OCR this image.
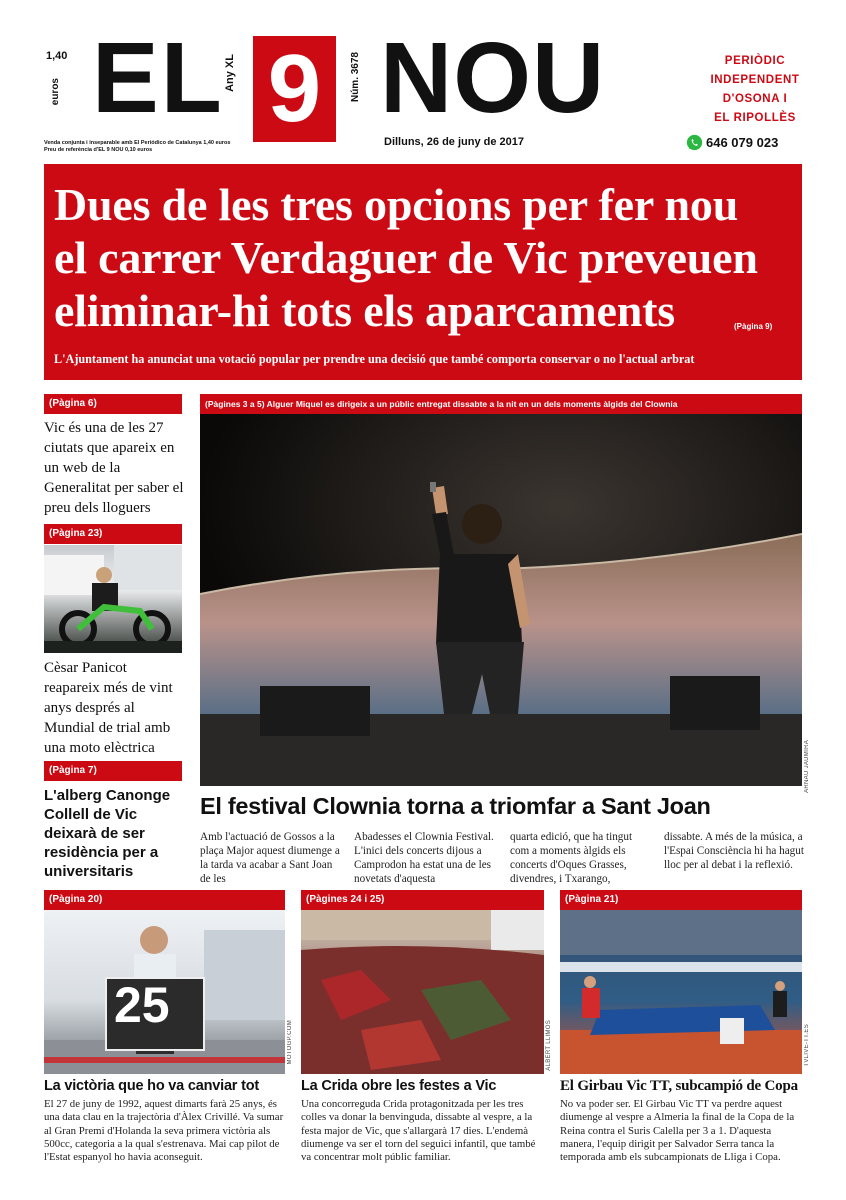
1,40
euros EL Any XL 9	Núm. 3678 NOU
Venda conjunta i inseparable amb El Periódico de Catalunya 1,40 euros
Preu de referència d'EL 9 NOU 0,10 euros
Dilluns, 26 de juny de 2017
PERIÒDIC
INDEPENDENT
D'OSONA I
EL RIPOLLÈS
646 079 023
Dues de les tres opcions per fer nou
el carrer Verdaguer de Vic preveuen
eliminar-hi tots els aparcaments	(Pàgina 9)
L'Ajuntament ha anunciat una votació popular per prendre una decisió que també comporta conservar o no l'actual arbrat
(Pàgina 6)
Vic és una de les 27 ciutats que apareix en un web de la Generalitat per saber el preu dels lloguers
(Pàgina 23)
Cèsar Panicot reapareix més de vint anys després al Mundial de trial amb una moto elèctrica
(Pàgina 7)
L'alberg Canonge Collell de Vic deixarà de ser residència per a universitaris
(Pàgines 3 a 5) Alguer Miquel es dirigeix a un públic entregat dissabte a la nit en un dels moments àlgids del Clownia
ARNAU JAUMIRA
El festival Clownia torna a triomfar a Sant Joan
Amb l'actuació de Gossos a la plaça Major aquest diumenge a la tarda va acabar a Sant Joan de les
Abadesses el Clownia Festival. L'inici dels concerts dijous a Camprodon ha estat una de les novetats d'aquesta
quarta edició, que ha tingut com a moments àlgids els concerts d'Oques Grasses, divendres, i Txarango,
dissabte. A més de la música, a l'Espai Consciència hi ha hagut lloc per al debat i la reflexió.
(Pàgina 20)
25
MOTOGP.COM
La victòria que ho va canviar tot
El 27 de juny de 1992, aquest dimarts farà 25 anys, és una data clau en la trajectòria d'Àlex Crivillé. Va sumar al Gran Premi d'Holanda la seva primera victòria als 500cc, categoria a la qual s'estrenava. Mai cap pilot de l'Estat espanyol ho havia aconseguit.
(Pàgines 24 i 25)
ALBERT LLIMÓS
La Crida obre les festes a Vic
Una concorreguda Crida protagonitzada per les tres colles va donar la benvinguda, dissabte al vespre, a la festa major de Vic, que s'allargarà 17 dies. L'endemà diumenge va ser el torn del seguici infantil, que també va concentrar molt públic familiar.
(Pàgina 21)
TVLIVE-TT.ES
El Girbau Vic TT, subcampió de Copa
No va poder ser. El Girbau Vic TT va perdre aquest diumenge al vespre a Almeria la final de la Copa de la Reina contra el Suris Calella per 3 a 1. D'aquesta manera, l'equip dirigit per Salvador Serra tanca la temporada amb els subcampionats de Lliga i Copa.
